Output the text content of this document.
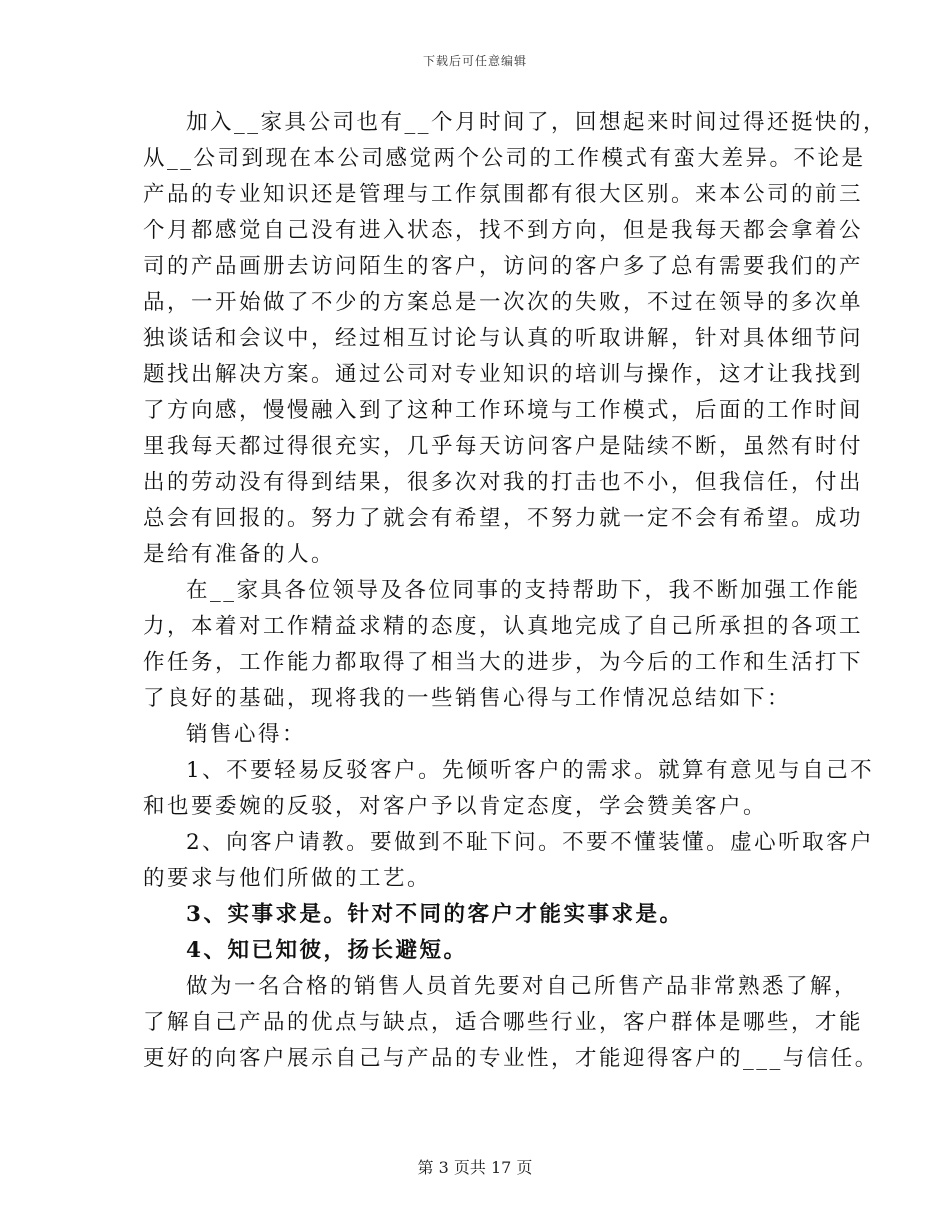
下载后可任意编辑

加入__家具公司也有__个月时间了，回想起来时间过得还挺快的，
从__公司到现在本公司感觉两个公司的工作模式有蛮大差异。不论是
产品的专业知识还是管理与工作氛围都有很大区别。来本公司的前三
个月都感觉自己没有进入状态，找不到方向，但是我每天都会拿着公
司的产品画册去访问陌生的客户，访问的客户多了总有需要我们的产
品，一开始做了不少的方案总是一次次的失败，不过在领导的多次单
独谈话和会议中，经过相互讨论与认真的听取讲解，针对具体细节问
题找出解决方案。通过公司对专业知识的培训与操作，这才让我找到
了方向感，慢慢融入到了这种工作环境与工作模式，后面的工作时间
里我每天都过得很充实，几乎每天访问客户是陆续不断，虽然有时付
出的劳动没有得到结果，很多次对我的打击也不小，但我信任，付出
总会有回报的。努力了就会有希望，不努力就一定不会有希望。成功
是给有准备的人。

在__家具各位领导及各位同事的支持帮助下，我不断加强工作能
力，本着对工作精益求精的态度，认真地完成了自己所承担的各项工
作任务，工作能力都取得了相当大的进步，为今后的工作和生活打下
了良好的基础，现将我的一些销售心得与工作情况总结如下：

销售心得：

1、不要轻易反驳客户。先倾听客户的需求。就算有意见与自己不
和也要委婉的反驳，对客户予以肯定态度，学会赞美客户。

2、向客户请教。要做到不耻下问。不要不懂装懂。虚心听取客户
的要求与他们所做的工艺。

3、实事求是。针对不同的客户才能实事求是。

4、知已知彼，扬长避短。

做为一名合格的销售人员首先要对自己所售产品非常熟悉了解，
了解自己产品的优点与缺点，适合哪些行业，客户群体是哪些，才能
更好的向客户展示自己与产品的专业性，才能迎得客户的___与信任。

第 3 页共 17 页
